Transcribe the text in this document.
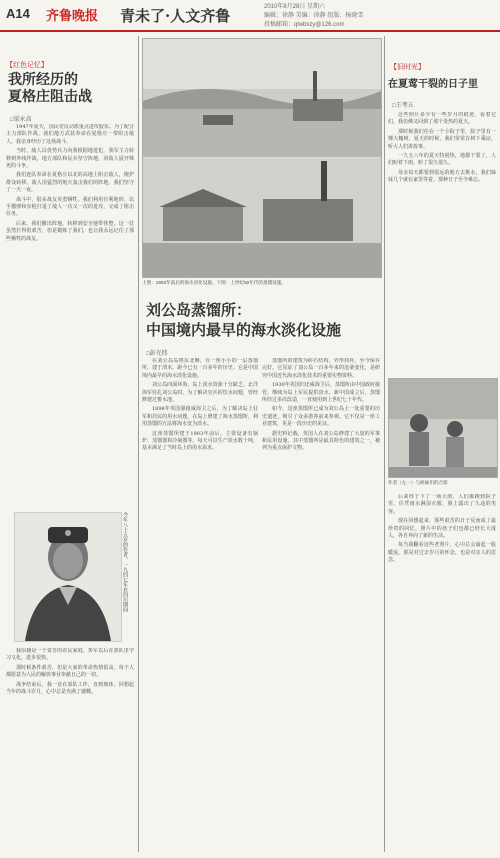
A14 齐鲁晚报 青未了·人文齐鲁	2010年8月28日 星期六
编辑：徐静 美编：徐静 组版：杨晓雪
投稿邮箱：qlwbxzy@126.com
【红色记忆】
我所经历的
夏格庄阻击战
□梁永高

1947年夏天，国民党反动派重点进攻胶东。为了配合主力部队作战，我们地方武装奉命在夏格庄一带阻击敌人，我亲身经历了这场战斗。

当时，敌人以优势兵力向我根据地进犯，我军主力转移到外线作战，地方部队和民兵坚守阵地，同敌人展开殊死的斗争。

我们连队奉命在夏格庄以北的高地上阻击敌人，掩护群众转移。敌人用猛烈的炮火轰击我们的阵地，我们坚守了一天一夜。

战斗中，很多战友英勇牺牲。我们利用有利地形，以手榴弹和步枪打退了敌人一次又一次的进攻，完成了阻击任务。

后来，我们撤出阵地，转移到安全地带休整。这一仗虽然打得很艰苦，但是锻炼了我们，也让我永远记住了那些牺牲的战友。

今年八十五岁的作者，一九四七年在四川期间

我原籍是一个贫苦的农民家庭，参军以后在部队里学习文化，进步很快。

那时候条件艰苦，但是大家的革命热情很高，每个人都愿意为人民的解放事业奉献自己的一切。

战争结束后，我一直在部队工作，直到离休。回想起当年的战斗岁月，心中总是充满了感慨。

上图：1903年前后的海水淡化设施。下图：上世纪50年代的蒸馏设施。
刘公岛蒸馏所：
中国境内最早的海水淡化设施
□彭光炜

在刘公岛岛将东北侧，有一座小小的一层蒸馏所，建于清末，距今已有一百多年的历史。它是中国境内最早的海水淡化设施。

刘公岛四面环海，岛上淡水资源十分缺乏。北洋海军驻扎刘公岛时，为了解决官兵的饮水问题，曾经修建过蓄水池。

1898年英国强租威海卫之后，为了解决岛上驻军和居民的用水问题，在岛上修建了海水蒸馏所，利用蒸馏的方法将海水变为淡水。

这座蒸馏所建于1903年前后，主要设备有锅炉、蒸馏器和冷凝器等。每天可以生产淡水数十吨，基本满足了当时岛上的用水需求。

蒸馏所的建筑为砖石结构，外形简朴，至今保存完好。它见证了刘公岛一百多年来的沧桑变化，是研究中国近代海水淡化技术的重要实物资料。

1930年英国归还威海卫后，蒸馏所由中国政府接管，继续为岛上军民提供淡水。新中国成立后，蒸馏所经过多次改造，一直使用到上世纪七十年代。

如今，这座蒸馏所已成为刘公岛上一处重要的历史遗迹，吸引了众多游客前来参观。它不仅是一座工业建筑，更是一段历史的见证。

据史料记载，英国人在刘公岛修建了大量的军事和民用设施，其中蒸馏所是最具特色的建筑之一，被列为重点保护文物。

【旧时光】
在夏莺干裂的日子里
□王考五

这些照片多少有一些岁月的痕迹，看着它们，我仿佛又回到了那个炎热的夏天。

那时候我们住在一个小院子里，院子里有一棵大槐树，夏天的时候，我们常常在树下乘凉，听大人们讲故事。

一九五八年的夏天特别热，地都干裂了，人们盼着下雨，盼了很久很久。

母亲每天都要到很远的地方去挑水，我们姊妹几个就在家里等着，那种日子至今难忘。

作者（左一）与姐妹们的合影

后来终于下了一场大雨，人们都跑到院子里，任凭雨水淋湿衣服，脸上露出了久违的笑容。

现在回想起来，那些艰苦的日子反而成了最珍贵的回忆，照片中的孩子们也都已经长大成人，各自奔向了新的生活。

每当我翻看这些老照片，心中总会涌起一股暖流，那是对过去岁月的怀念，也是对亲人的思念。
